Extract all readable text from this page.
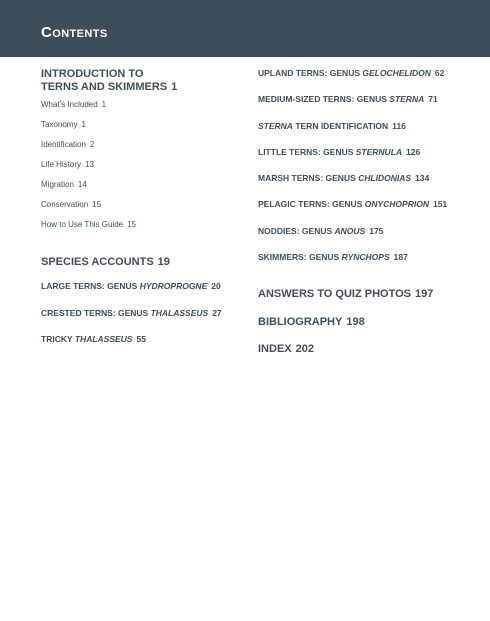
Contents
INTRODUCTION TO
TERNS AND SKIMMERS 1
What's Included 1
Taxonomy 1
Identification 2
Life History 13
Migration 14
Conservation 15
How to Use This Guide 15
SPECIES ACCOUNTS 19
LARGE TERNS: GENUS HYDROPROGNE 20
CRESTED TERNS: GENUS THALASSEUS 27
TRICKY THALASSEUS 55
UPLAND TERNS: GENUS GELOCHELIDON 62
MEDIUM-SIZED TERNS: GENUS STERNA 71
STERNA TERN IDENTIFICATION 116
LITTLE TERNS: GENUS STERNULA 126
MARSH TERNS: GENUS CHLIDONIAS 134
PELAGIC TERNS: GENUS ONYCHOPRION 151
NODDIES: GENUS ANOUS 175
SKIMMERS: GENUS RYNCHOPS 187
ANSWERS TO QUIZ PHOTOS 197
BIBLIOGRAPHY 198
INDEX 202
